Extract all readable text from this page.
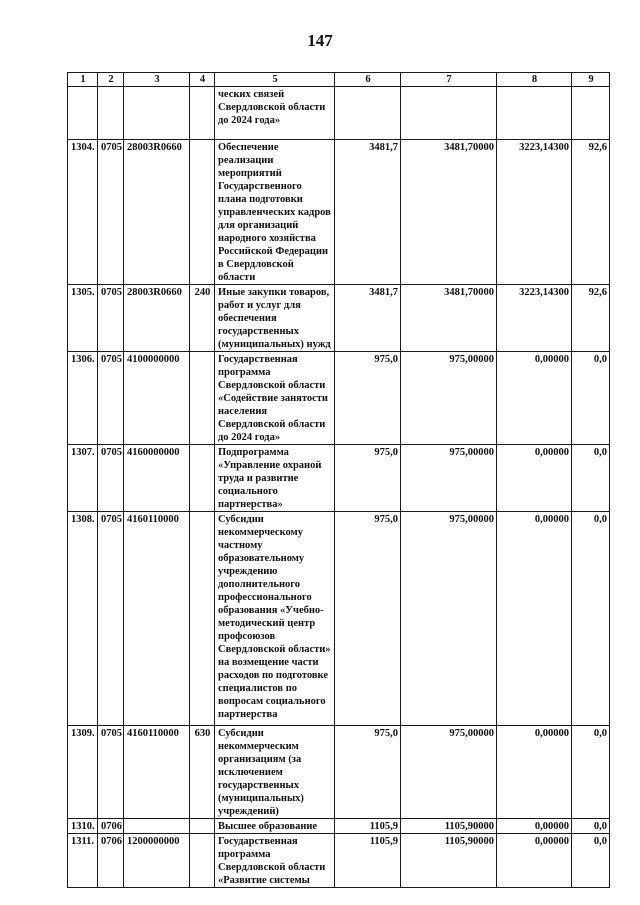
147
1	2	3	4	5	6	7	8	9
				ческих связей Свердловской области до 2024 года»				
1304.	0705	28003R0660		Обеспечение реализации мероприятий Государственного плана подготовки управленческих кадров для организаций народного хозяйства Российской Федерации в Свердловской области	3481,7	3481,70000	3223,14300	92,6
1305.	0705	28003R0660	240	Иные закупки товаров, работ и услуг для обеспечения государственных (муниципальных) нужд	3481,7	3481,70000	3223,14300	92,6
1306.	0705	4100000000		Государственная программа Свердловской области «Содействие занятости населения Свердловской области до 2024 года»	975,0	975,00000	0,00000	0,0
1307.	0705	4160000000		Подпрограмма «Управление охраной труда и развитие социального партнерства»	975,0	975,00000	0,00000	0,0
1308.	0705	4160110000		Субсидии некоммерческому частному образовательному учреждению дополнительного профессионального образования «Учебно-методический центр профсоюзов Свердловской области» на возмещение части расходов по подготовке специалистов по вопросам социального партнерства	975,0	975,00000	0,00000	0,0
1309.	0705	4160110000	630	Субсидии некоммерческим организациям (за исключением государственных (муниципальных) учреждений)	975,0	975,00000	0,00000	0,0
1310.	0706			Высшее образование	1105,9	1105,90000	0,00000	0,0
1311.	0706	1200000000		Государственная программа Свердловской области «Развитие системы	1105,9	1105,90000	0,00000	0,0
